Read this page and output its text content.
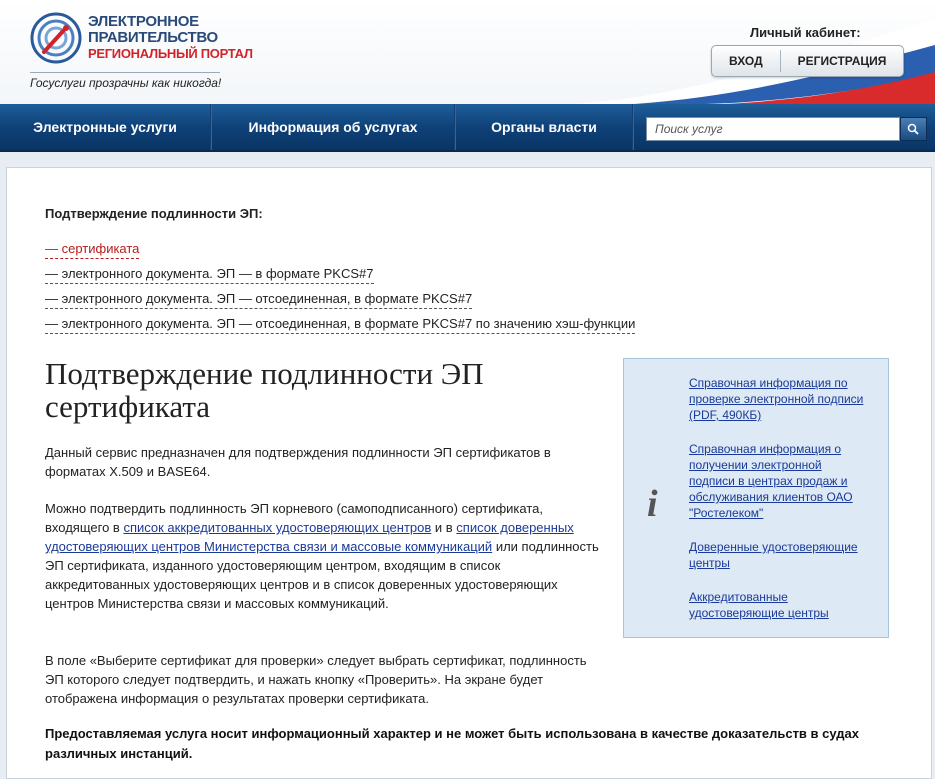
ЭЛЕКТРОННОЕ
ПРАВИТЕЛЬСТВО
РЕГИОНАЛЬНЫЙ ПОРТАЛ
Госуслуги прозрачны как никогда!
Личный кабинет:
ВХОД	РЕГИСТРАЦИЯ
Электронные услуги	Информация об услугах	Органы власти	Поиск услуг
Подтверждение подлинности ЭП:
— сертификата
— электронного документа. ЭП — в формате PKCS#7
— электронного документа. ЭП — отсоединенная, в формате PKCS#7
— электронного документа. ЭП — отсоединенная, в формате PKCS#7 по значению хэш-функции
Подтверждение подлинности ЭП сертификата
Данный сервис предназначен для подтверждения подлинности ЭП сертификатов в форматах X.509 и BASE64.
Можно подтвердить подлинность ЭП корневого (самоподписанного) сертификата, входящего в список аккредитованных удостоверяющих центров и в список доверенных удостоверяющих центров Министерства связи и массовые коммуникаций или подлинность ЭП сертификата, изданного удостоверяющим центром, входящим в список аккредитованных удостоверяющих центров и в список доверенных удостоверяющих центров Министерства связи и массовых коммуникаций.
В поле «Выберите сертификат для проверки» следует выбрать сертификат, подлинность ЭП которого следует подтвердить, и нажать кнопку «Проверить». На экране будет отображена информация о результатах проверки сертификата.
Предоставляемая услуга носит информационный характер и не может быть использована в качестве доказательств в судах различных инстанций.
i
Справочная информация по проверке электронной подписи (PDF, 490КБ)
Справочная информация о получении электронной подписи в центрах продаж и обслуживания клиентов ОАО "Ростелеком"
Доверенные удостоверяющие центры
Аккредитованные удостоверяющие центры
